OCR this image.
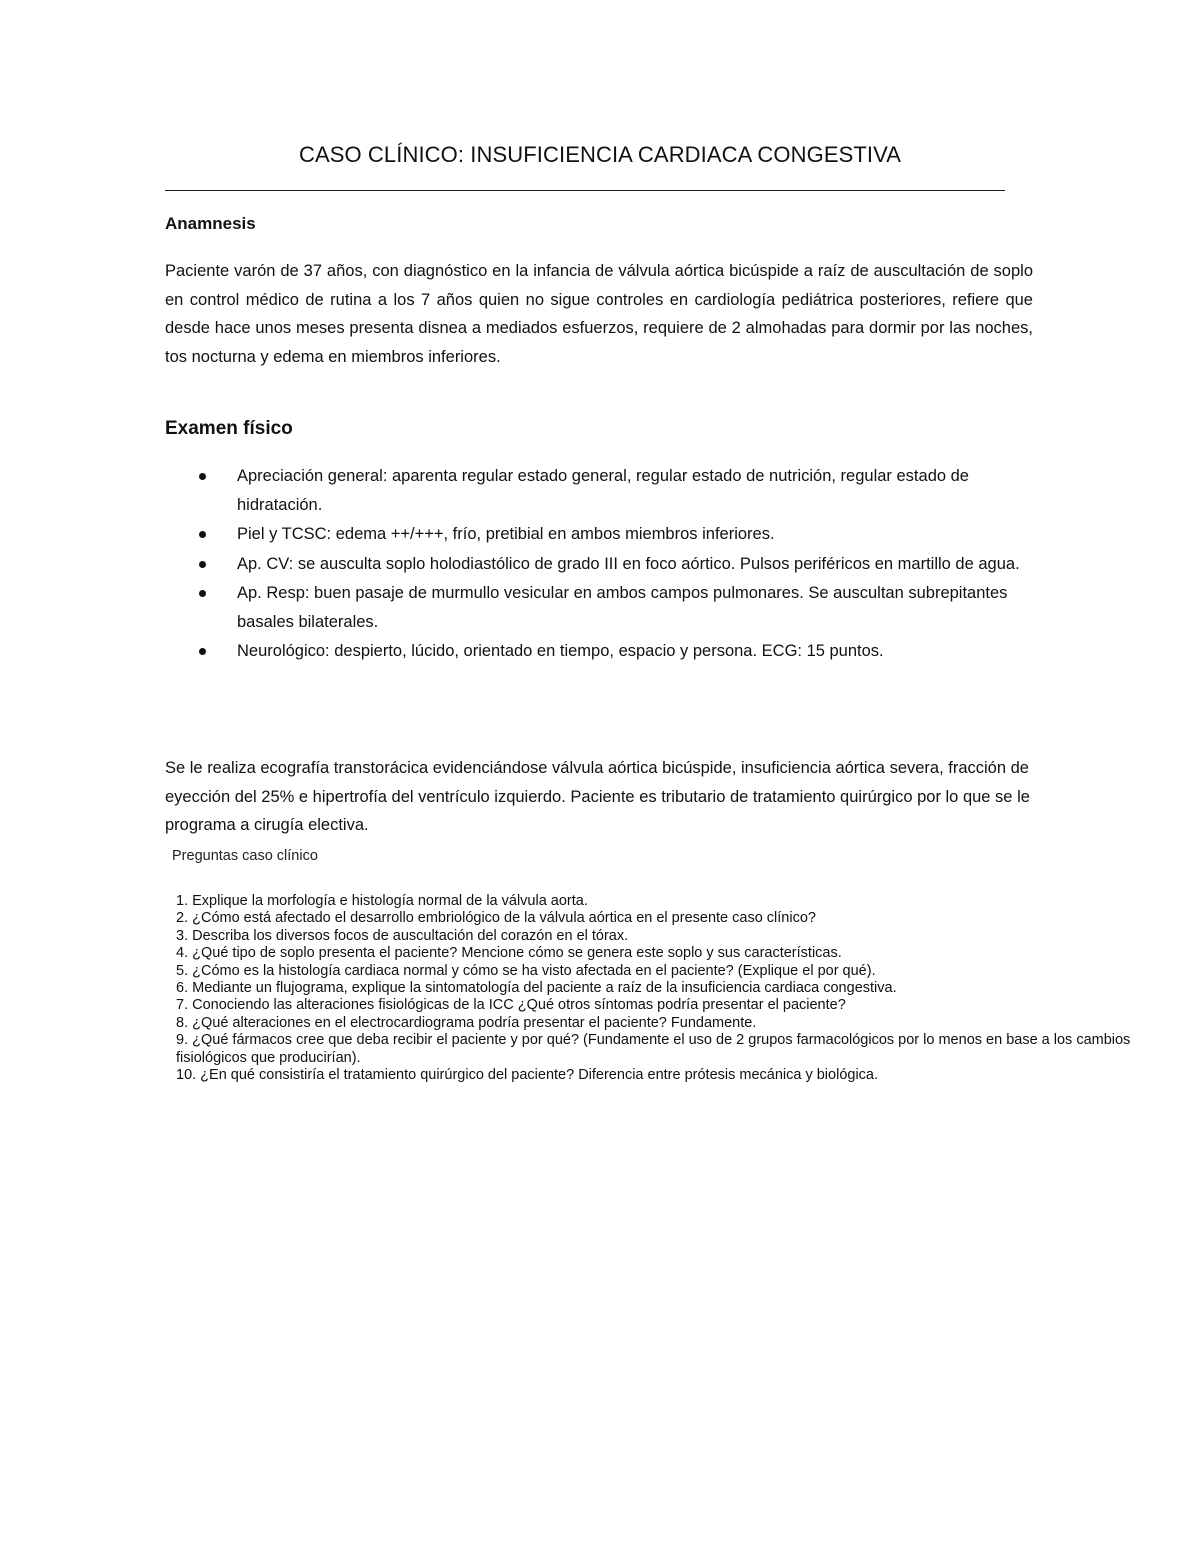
CASO CLÍNICO: INSUFICIENCIA CARDIACA CONGESTIVA
Anamnesis

Paciente varón de 37 años, con diagnóstico en la infancia de válvula aórtica bicúspide a raíz de auscultación de soplo en control médico de rutina a los 7 años quien no sigue controles en cardiología pediátrica posteriores, refiere que desde hace unos meses presenta disnea a mediados esfuerzos, requiere de 2 almohadas para dormir por las noches, tos nocturna y edema en miembros inferiores.

Examen físico
Apreciación general: aparenta regular estado general, regular estado de nutrición, regular estado de hidratación.
Piel y TCSC: edema ++/+++, frío, pretibial en ambos miembros inferiores.
Ap. CV: se ausculta soplo holodiastólico de grado III en foco aórtico. Pulsos periféricos en martillo de agua.
Ap. Resp: buen pasaje de murmullo vesicular en ambos campos pulmonares. Se auscultan subrepitantes basales bilaterales.
Neurológico: despierto, lúcido, orientado en tiempo, espacio y persona. ECG: 15 puntos.

Se le realiza ecografía transtorácica evidenciándose válvula aórtica bicúspide, insuficiencia aórtica severa, fracción de eyección del 25% e hipertrofía del ventrículo izquierdo. Paciente es tributario de tratamiento quirúrgico por lo que se le programa a cirugía electiva.

Preguntas caso clínico

1. Explique la morfología e histología normal de la válvula aorta.
2. ¿Cómo está afectado el desarrollo embriológico de la válvula aórtica en el presente caso clínico?
3. Describa los diversos focos de auscultación del corazón en el tórax.
4. ¿Qué tipo de soplo presenta el paciente? Mencione cómo se genera este soplo y sus características.
5. ¿Cómo es la histología cardiaca normal y cómo se ha visto afectada en el paciente? (Explique el por qué).
6. Mediante un flujograma, explique la sintomatología del paciente a raíz de la insuficiencia cardiaca congestiva.
7. Conociendo las alteraciones fisiológicas de la ICC ¿Qué otros síntomas podría presentar el paciente?
8. ¿Qué alteraciones en el electrocardiograma podría presentar el paciente? Fundamente.
9. ¿Qué fármacos cree que deba recibir el paciente y por qué? (Fundamente el uso de 2 grupos farmacológicos por lo menos en base a los cambios fisiológicos que producirían).
10. ¿En qué consistiría el tratamiento quirúrgico del paciente? Diferencia entre prótesis mecánica y biológica.
